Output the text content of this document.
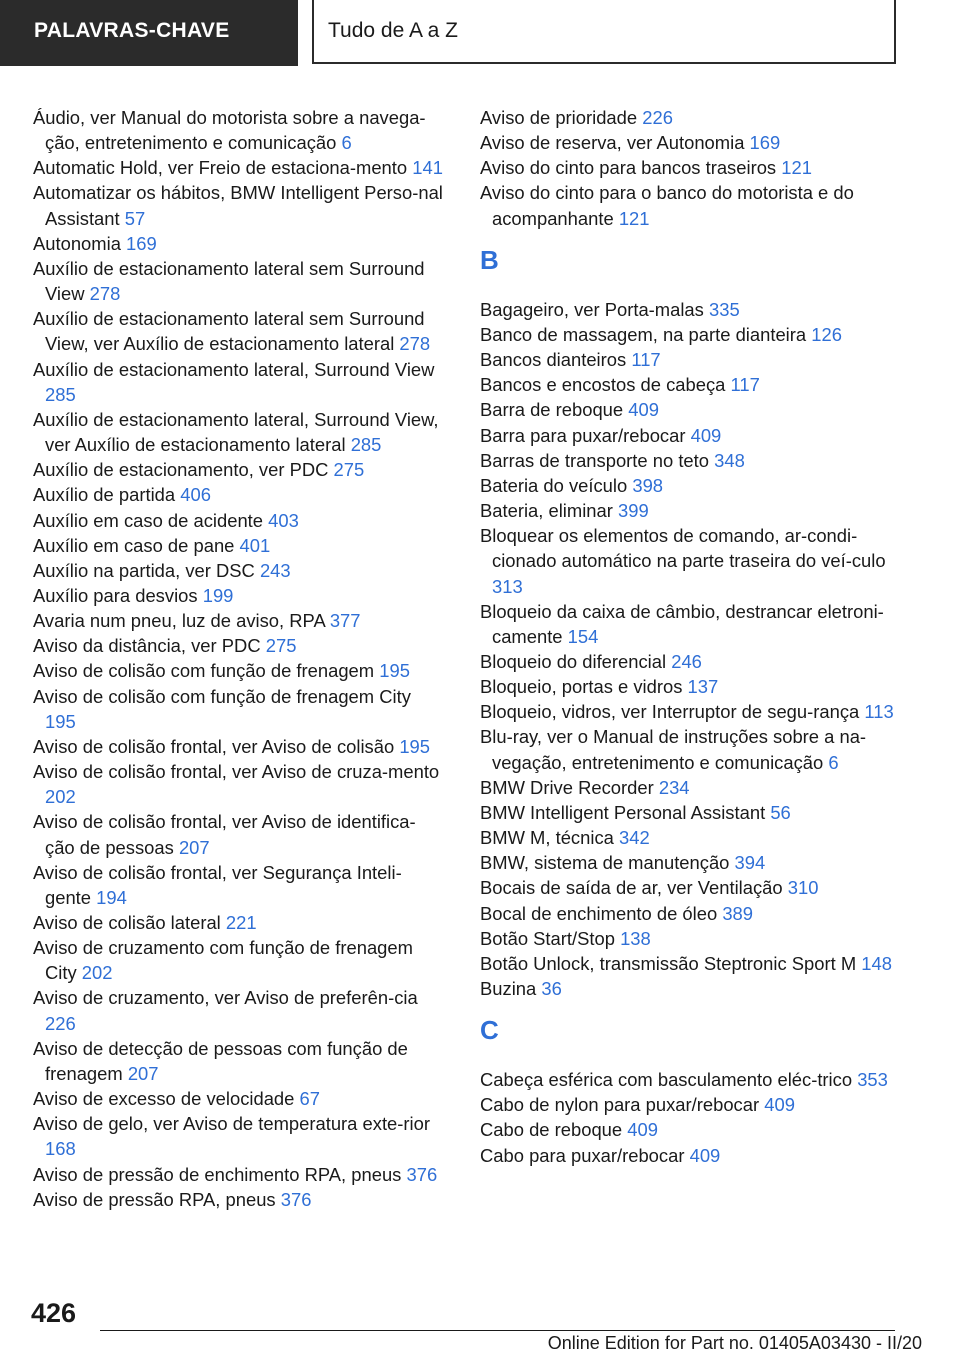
PALAVRAS-CHAVE	Tudo de A a Z
Áudio, ver Manual do motorista sobre a navega‐ção, entretenimento e comunicação 6
Automatic Hold, ver Freio de estaciona‐mento 141
Automatizar os hábitos, BMW Intelligent Perso‐nal Assistant 57
Autonomia 169
Auxílio de estacionamento lateral sem Surround View 278
Auxílio de estacionamento lateral sem Surround View, ver Auxílio de estacionamento lateral 278
Auxílio de estacionamento lateral, Surround View 285
Auxílio de estacionamento lateral, Surround View, ver Auxílio de estacionamento lateral 285
Auxílio de estacionamento, ver PDC 275
Auxílio de partida 406
Auxílio em caso de acidente 403
Auxílio em caso de pane 401
Auxílio na partida, ver DSC 243
Auxílio para desvios 199
Avaria num pneu, luz de aviso, RPA 377
Aviso da distância, ver PDC 275
Aviso de colisão com função de frenagem 195
Aviso de colisão com função de frenagem City 195
Aviso de colisão frontal, ver Aviso de colisão 195
Aviso de colisão frontal, ver Aviso de cruza‐mento 202
Aviso de colisão frontal, ver Aviso de identifica‐ção de pessoas 207
Aviso de colisão frontal, ver Segurança Inteli‐gente 194
Aviso de colisão lateral 221
Aviso de cruzamento com função de frenagem City 202
Aviso de cruzamento, ver Aviso de preferên‐cia 226
Aviso de detecção de pessoas com função de frenagem 207
Aviso de excesso de velocidade 67
Aviso de gelo, ver Aviso de temperatura exte‐rior 168
Aviso de pressão de enchimento RPA, pneus 376
Aviso de pressão RPA, pneus 376
Aviso de prioridade 226
Aviso de reserva, ver Autonomia 169
Aviso do cinto para bancos traseiros 121
Aviso do cinto para o banco do motorista e do acompanhante 121
B
Bagageiro, ver Porta-malas 335
Banco de massagem, na parte dianteira 126
Bancos dianteiros 117
Bancos e encostos de cabeça 117
Barra de reboque 409
Barra para puxar/rebocar 409
Barras de transporte no teto 348
Bateria do veículo 398
Bateria, eliminar 399
Bloquear os elementos de comando, ar-condi‐cionado automático na parte traseira do veí‐culo 313
Bloqueio da caixa de câmbio, destrancar eletroni‐camente 154
Bloqueio do diferencial 246
Bloqueio, portas e vidros 137
Bloqueio, vidros, ver Interruptor de segu‐rança 113
Blu-ray, ver o Manual de instruções sobre a na‐vegação, entretenimento e comunicação 6
BMW Drive Recorder 234
BMW Intelligent Personal Assistant 56
BMW M, técnica 342
BMW, sistema de manutenção 394
Bocais de saída de ar, ver Ventilação 310
Bocal de enchimento de óleo 389
Botão Start/Stop 138
Botão Unlock, transmissão Steptronic Sport M 148
Buzina 36
C
Cabeça esférica com basculamento eléc‐trico 353
Cabo de nylon para puxar/rebocar 409
Cabo de reboque 409
Cabo para puxar/rebocar 409
426
Online Edition for Part no. 01405A03430 - II/20
